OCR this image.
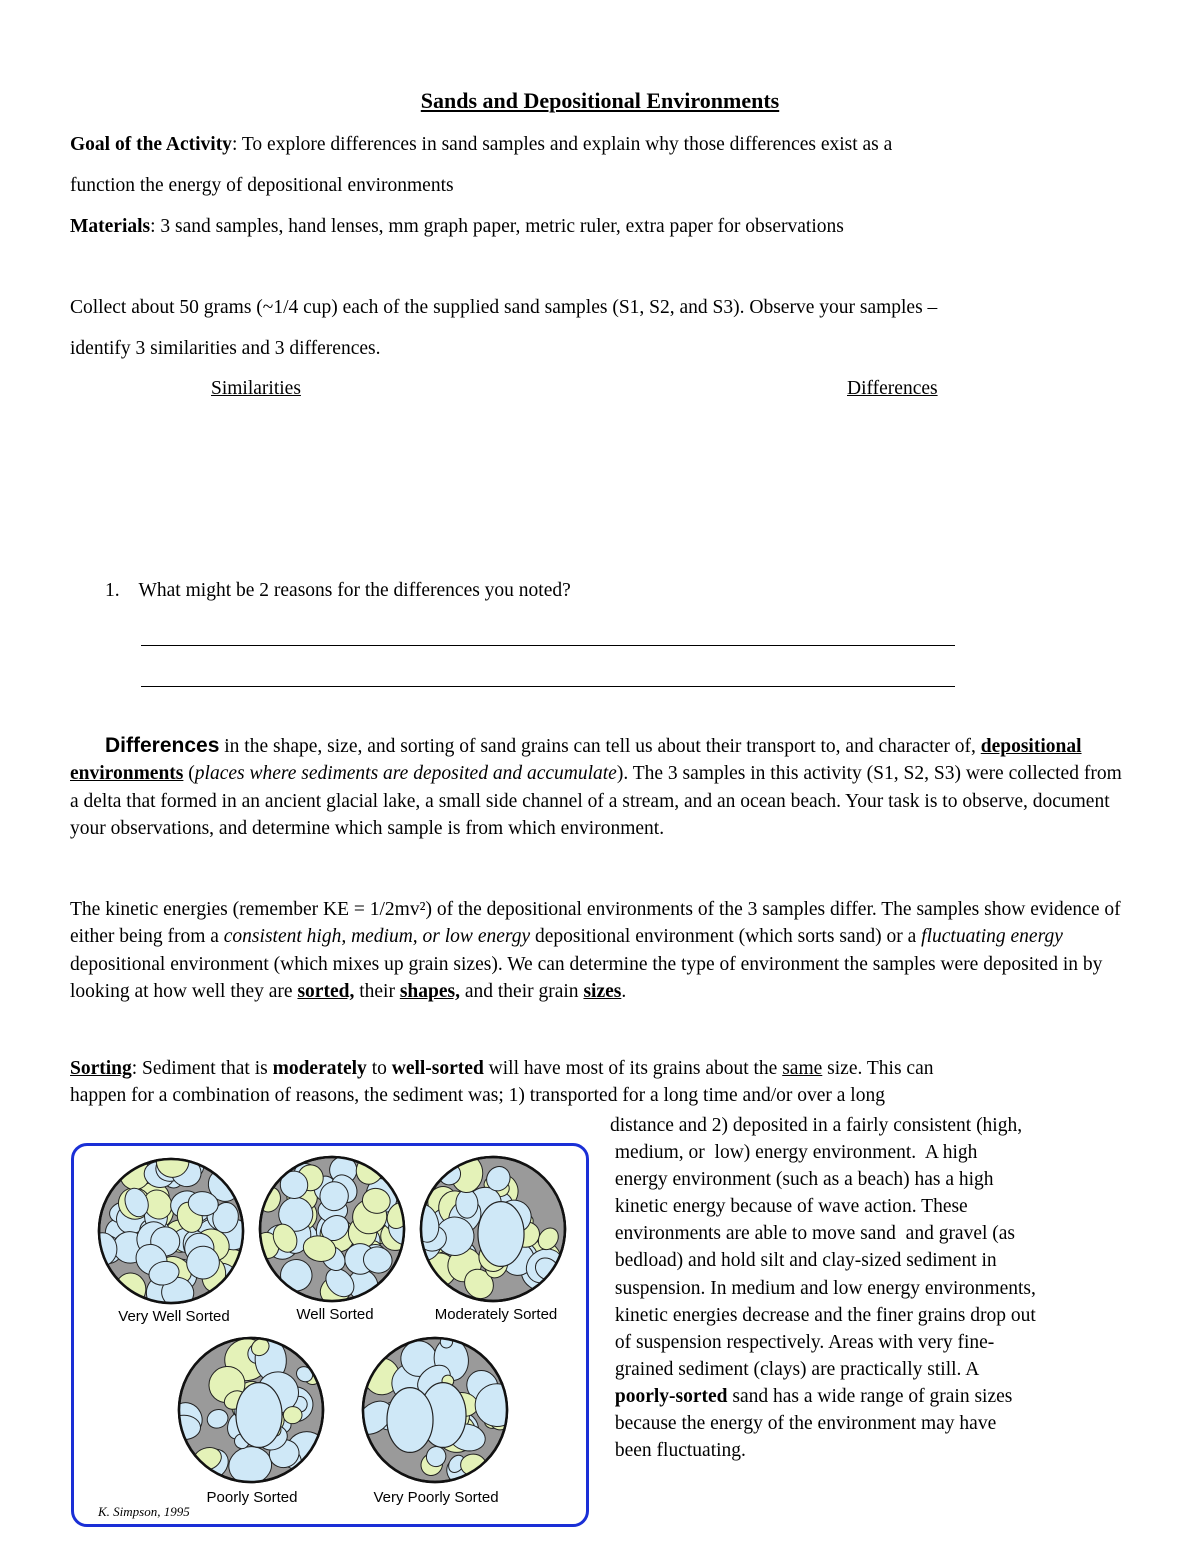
Sands and Depositional Environments
Goal of the Activity: To explore differences in sand samples and explain why those differences exist as a
function the energy of depositional environments
Materials: 3 sand samples, hand lenses, mm graph paper, metric ruler, extra paper for observations
Collect about 50 grams (~1/4 cup) each of the supplied sand samples (S1, S2, and S3). Observe your samples –
identify 3 similarities and 3 differences.
Similarities	Differences
1. What might be 2 reasons for the differences you noted?
Differences in the shape, size, and sorting of sand grains can tell us about their transport to, and character of, depositional environments (places where sediments are deposited and accumulate). The 3 samples in this activity (S1, S2, S3) were collected from a delta that formed in an ancient glacial lake, a small side channel of a stream, and an ocean beach. Your task is to observe, document your observations, and determine which sample is from which environment.
The kinetic energies (remember KE = 1/2mv²) of the depositional environments of the 3 samples differ. The samples show evidence of either being from a consistent high, medium, or low energy depositional environment (which sorts sand) or a fluctuating energy depositional environment (which mixes up grain sizes). We can determine the type of environment the samples were deposited in by looking at how well they are sorted, their shapes, and their grain sizes.
Sorting: Sediment that is moderately to well-sorted will have most of its grains about the same size. This can
happen for a combination of reasons, the sediment was; 1) transported for a long time and/or over a long
distance and 2) deposited in a fairly consistent (high,
medium, or  low) energy environment.  A high
energy environment (such as a beach) has a high
kinetic energy because of wave action. These
environments are able to move sand  and gravel (as
bedload) and hold silt and clay-sized sediment in
suspension. In medium and low energy environments,
kinetic energies decrease and the finer grains drop out
of suspension respectively. Areas with very fine-
grained sediment (clays) are practically still. A
poorly-sorted sand has a wide range of grain sizes
because the energy of the environment may have
been fluctuating.
Very Well Sorted	Well Sorted	Moderately Sorted
Poorly Sorted	Very Poorly Sorted
K. Simpson, 1995
